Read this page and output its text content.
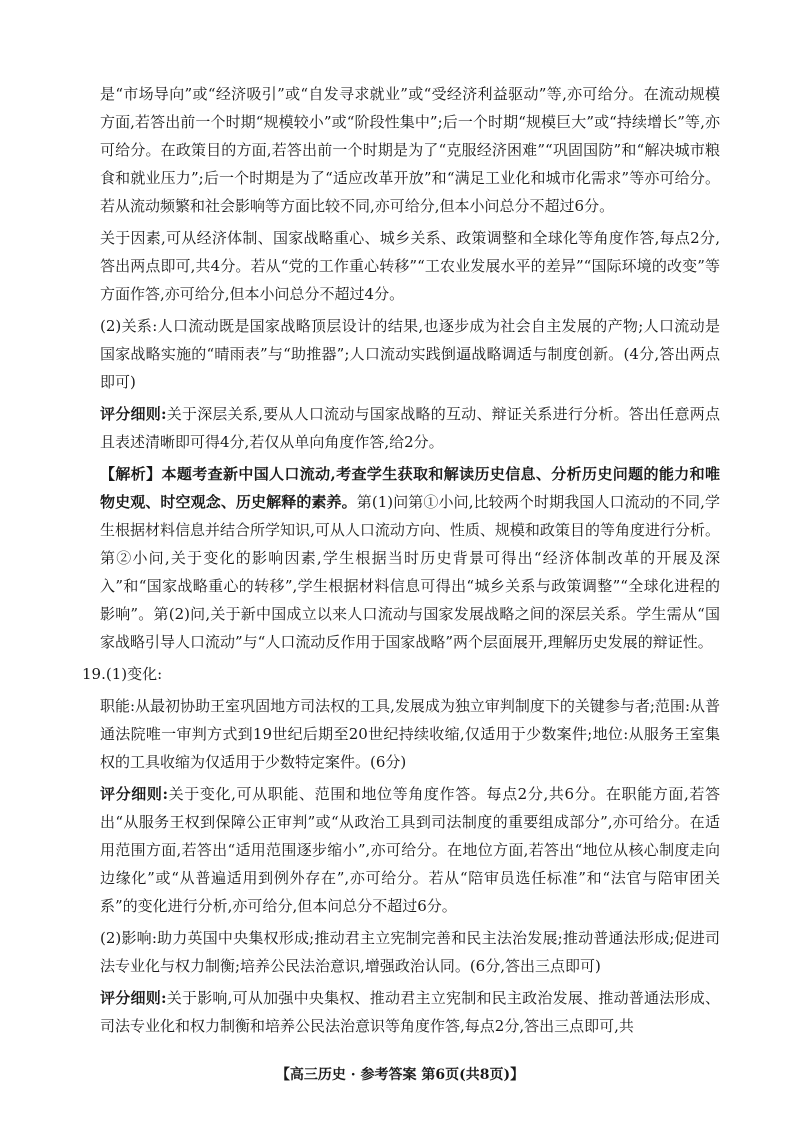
是“市场导向”或“经济吸引”或“自发寻求就业”或“受经济利益驱动”等,亦可给分。在流动规模方面,若答出前一个时期“规模较小”或“阶段性集中”;后一个时期“规模巨大”或“持续增长”等,亦可给分。在政策目的方面,若答出前一个时期是为了“克服经济困难”“巩固国防”和“解决城市粮食和就业压力”;后一个时期是为了“适应改革开放”和“满足工业化和城市化需求”等亦可给分。若从流动频繁和社会影响等方面比较不同,亦可给分,但本小问总分不超过6分。

关于因素,可从经济体制、国家战略重心、城乡关系、政策调整和全球化等角度作答,每点2分,答出两点即可,共4分。若从“党的工作重心转移”“工农业发展水平的差异”“国际环境的改变”等方面作答,亦可给分,但本小问总分不超过4分。

(2)关系:人口流动既是国家战略顶层设计的结果,也逐步成为社会自主发展的产物;人口流动是国家战略实施的“晴雨表”与“助推器”;人口流动实践倒逼战略调适与制度创新。(4分,答出两点即可)

评分细则:关于深层关系,要从人口流动与国家战略的互动、辩证关系进行分析。答出任意两点且表述清晰即可得4分,若仅从单向角度作答,给2分。

【解析】本题考查新中国人口流动,考查学生获取和解读历史信息、分析历史问题的能力和唯物史观、时空观念、历史解释的素养。第(1)问第①小问,比较两个时期我国人口流动的不同,学生根据材料信息并结合所学知识,可从人口流动方向、性质、规模和政策目的等角度进行分析。第②小问,关于变化的影响因素,学生根据当时历史背景可得出“经济体制改革的开展及深入”和“国家战略重心的转移”,学生根据材料信息可得出“城乡关系与政策调整”“全球化进程的影响”。第(2)问,关于新中国成立以来人口流动与国家发展战略之间的深层关系。学生需从“国家战略引导人口流动”与“人口流动反作用于国家战略”两个层面展开,理解历史发展的辩证性。

19.(1)变化:

职能:从最初协助王室巩固地方司法权的工具,发展成为独立审判制度下的关键参与者;范围:从普通法院唯一审判方式到19世纪后期至20世纪持续收缩,仅适用于少数案件;地位:从服务王室集权的工具收缩为仅适用于少数特定案件。(6分)

评分细则:关于变化,可从职能、范围和地位等角度作答。每点2分,共6分。在职能方面,若答出“从服务王权到保障公正审判”或“从政治工具到司法制度的重要组成部分”,亦可给分。在适用范围方面,若答出“适用范围逐步缩小”,亦可给分。在地位方面,若答出“地位从核心制度走向边缘化”或“从普遍适用到例外存在”,亦可给分。若从“陪审员选任标准”和“法官与陪审团关系”的变化进行分析,亦可给分,但本问总分不超过6分。

(2)影响:助力英国中央集权形成;推动君主立宪制完善和民主法治发展;推动普通法形成;促进司法专业化与权力制衡;培养公民法治意识,增强政治认同。(6分,答出三点即可)

评分细则:关于影响,可从加强中央集权、推动君主立宪制和民主政治发展、推动普通法形成、司法专业化和权力制衡和培养公民法治意识等角度作答,每点2分,答出三点即可,共

【高三历史 · 参考答案 第6页(共8页)】
